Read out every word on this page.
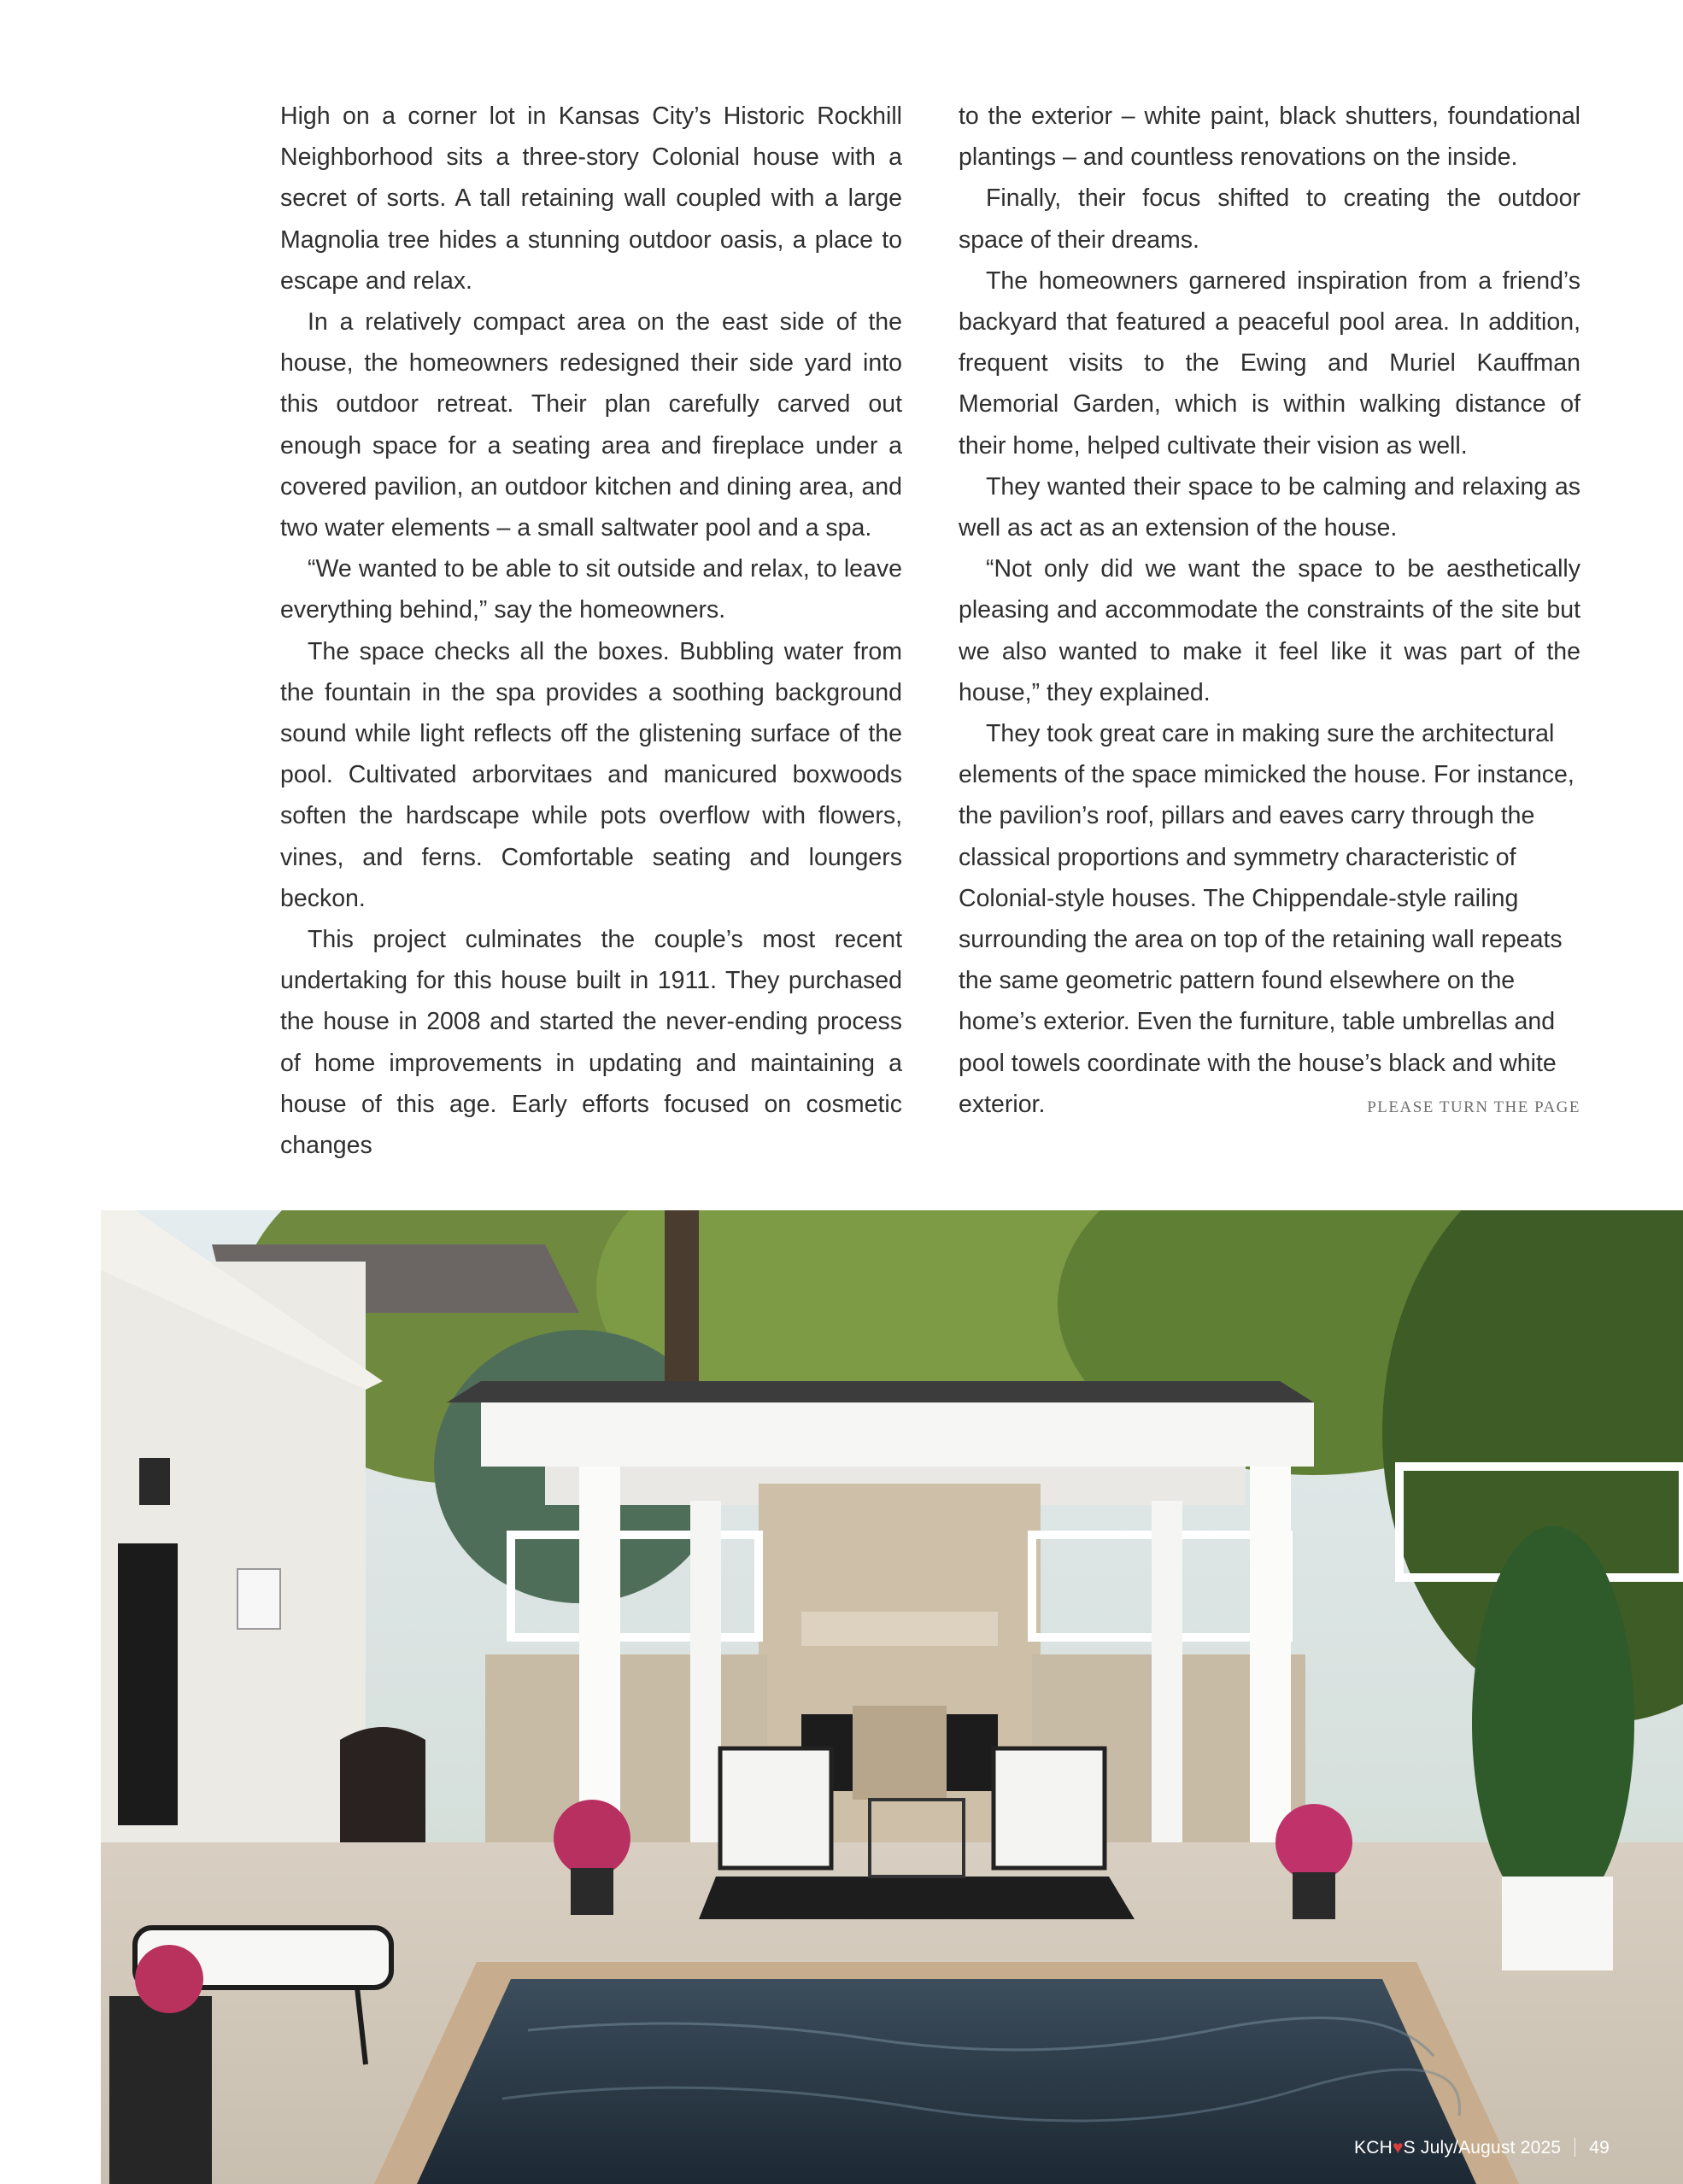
High on a corner lot in Kansas City’s Historic Rockhill Neighborhood sits a three-story Colonial house with a secret of sorts. A tall retaining wall coupled with a large Magnolia tree hides a stunning outdoor oasis, a place to escape and relax.

In a relatively compact area on the east side of the house, the homeowners redesigned their side yard into this outdoor retreat. Their plan carefully carved out enough space for a seating area and fireplace under a covered pavilion, an outdoor kitchen and dining area, and two water elements – a small saltwater pool and a spa.

“We wanted to be able to sit outside and relax, to leave everything behind,” say the homeowners.

The space checks all the boxes. Bubbling water from the fountain in the spa provides a soothing background sound while light reflects off the glistening surface of the pool. Cultivated arborvitaes and manicured boxwoods soften the hardscape while pots overflow with flowers, vines, and ferns. Comfortable seating and loungers beckon.

This project culminates the couple’s most recent undertaking for this house built in 1911. They purchased the house in 2008 and started the never-ending process of home improvements in updating and maintaining a house of this age. Early efforts focused on cosmetic changes

to the exterior – white paint, black shutters, foundational plantings – and countless renovations on the inside.

Finally, their focus shifted to creating the outdoor space of their dreams.

The homeowners garnered inspiration from a friend’s backyard that featured a peaceful pool area. In addition, frequent visits to the Ewing and Muriel Kauffman Memorial Garden, which is within walking distance of their home, helped cultivate their vision as well.

They wanted their space to be calming and relaxing as well as act as an extension of the house.

“Not only did we want the space to be aesthetically pleasing and accommodate the constraints of the site but we also wanted to make it feel like it was part of the house,” they explained.

They took great care in making sure the architectural elements of the space mimicked the house. For instance, the pavilion’s roof, pillars and eaves carry through the classical proportions and symmetry characteristic of Colonial-style houses. The Chippendale-style railing surrounding the area on top of the retaining wall repeats the same geometric pattern found elsewhere on the home’s exterior. Even the furniture, table umbrellas and pool towels coordinate with the house’s black and white exterior.	PLEASE TURN THE PAGE

KCH♥S July/August 2025 49
